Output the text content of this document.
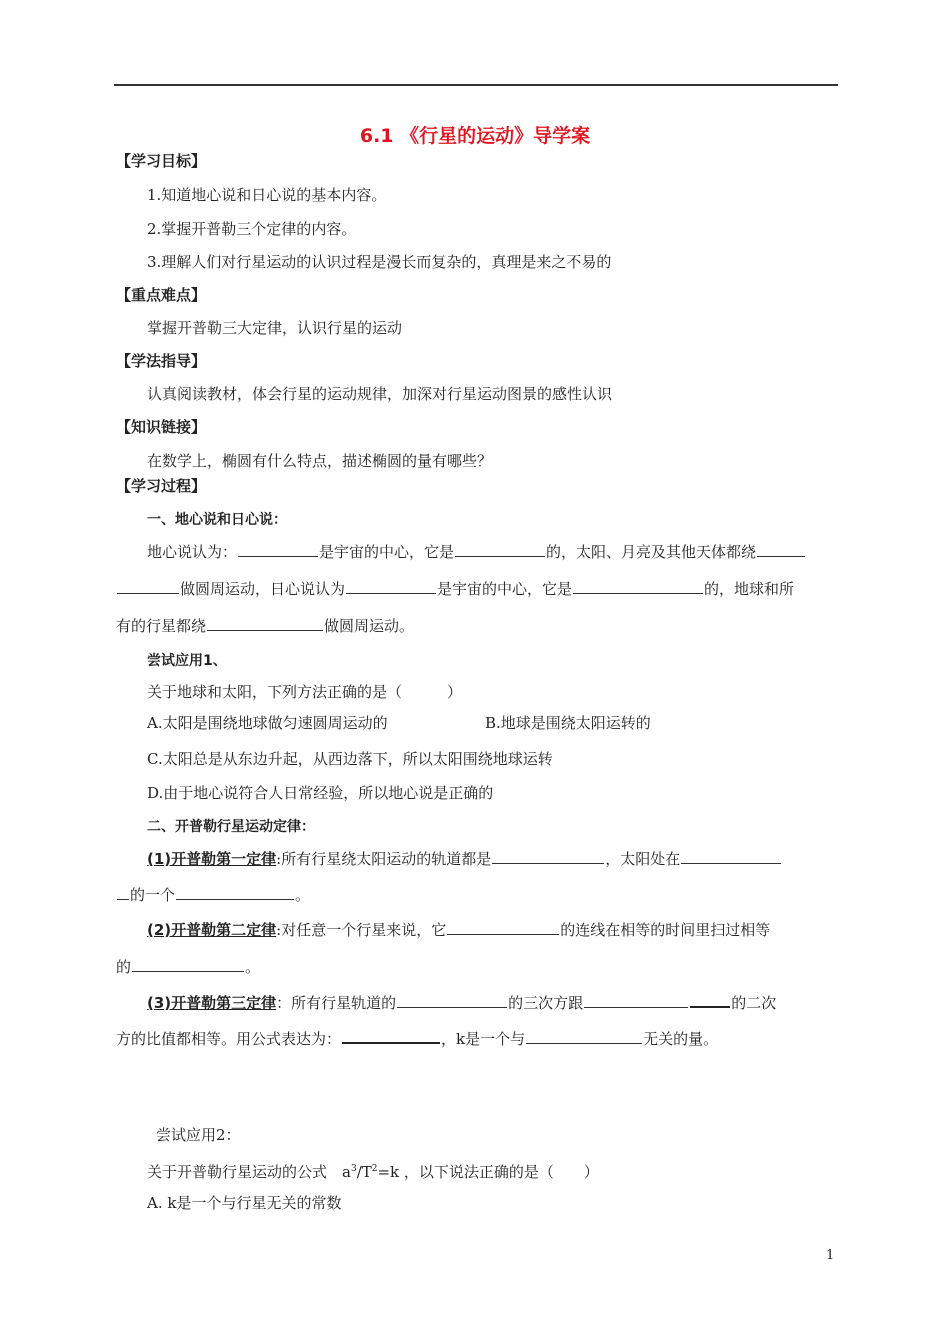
6.1 《行星的运动》导学案
【学习目标】
1.知道地心说和日心说的基本内容。
2.掌握开普勒三个定律的内容。
3.理解人们对行星运动的认识过程是漫长而复杂的，真理是来之不易的
【重点难点】
掌握开普勒三大定律，认识行星的运动
【学法指导】
认真阅读教材，体会行星的运动规律，加深对行星运动图景的感性认识
【知识链接】
在数学上，椭圆有什么特点，描述椭圆的量有哪些？
【学习过程】
一、地心说和日心说：
地心说认为：	是宇宙的中心，它是	的，太阳、月亮及其他天体都绕
做圆周运动，日心说认为	是宇宙的中心，它是	的，地球和所
有的行星都绕	做圆周运动。
尝试应用1、
关于地球和太阳，下列方法正确的是（　　　）
A.太阳是围绕地球做匀速圆周运动的	B.地球是围绕太阳运转的
C.太阳总是从东边升起，从西边落下，所以太阳围绕地球运转
D.由于地心说符合人日常经验，所以地心说是正确的
二、开普勒行星运动定律：
(1)开普勒第一定律:所有行星绕太阳运动的轨道都是	，太阳处在
的一个	。
(2)开普勒第二定律:对任意一个行星来说，它	的连线在相等的时间里扫过相等
的	。
(3)开普勒第三定律：所有行星轨道的	的三次方跟	的二次
方的比值都相等。用公式表达为：	，k是一个与	无关的量。
尝试应用2：
关于开普勒行星运动的公式　$a^3/T^2=k$ ，以下说法正确的是（　　）
A. k是一个与行星无关的常数
1
